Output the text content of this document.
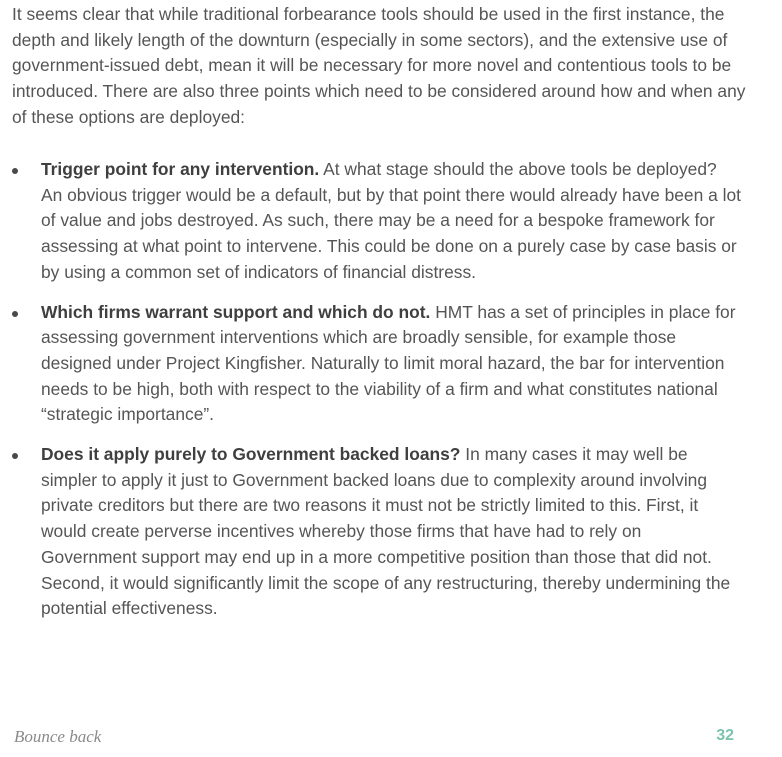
It seems clear that while traditional forbearance tools should be used in the first instance, the depth and likely length of the downturn (especially in some sectors), and the extensive use of government-issued debt, mean it will be necessary for more novel and contentious tools to be introduced. There are also three points which need to be considered around how and when any of these options are deployed:

Trigger point for any intervention. At what stage should the above tools be deployed? An obvious trigger would be a default, but by that point there would already have been a lot of value and jobs destroyed. As such, there may be a need for a bespoke framework for assessing at what point to intervene. This could be done on a purely case by case basis or by using a common set of indicators of financial distress.
Which firms warrant support and which do not. HMT has a set of principles in place for assessing government interventions which are broadly sensible, for example those designed under Project Kingfisher. Naturally to limit moral hazard, the bar for intervention needs to be high, both with respect to the viability of a firm and what constitutes national “strategic importance”.
Does it apply purely to Government backed loans? In many cases it may well be simpler to apply it just to Government backed loans due to complexity around involving private creditors but there are two reasons it must not be strictly limited to this. First, it would create perverse incentives whereby those firms that have had to rely on Government support may end up in a more competitive position than those that did not. Second, it would significantly limit the scope of any restructuring, thereby undermining the potential effectiveness.
Bounce back	32
